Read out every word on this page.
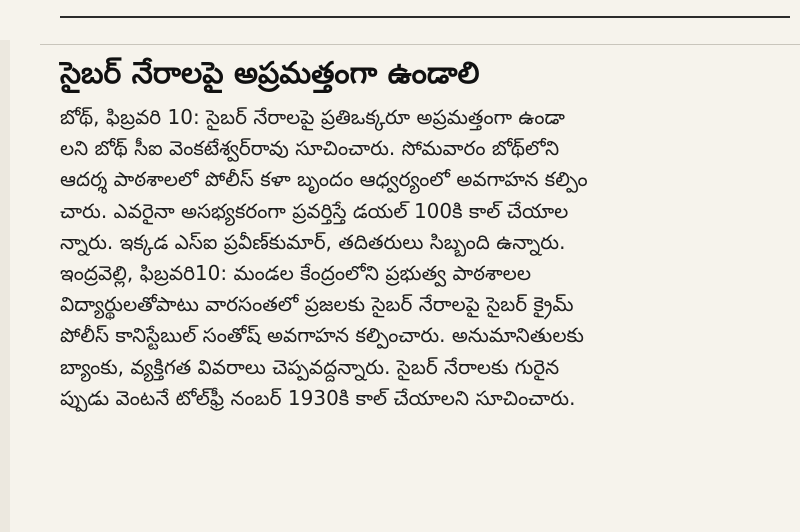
సైబర్ నేరాలపై అప్రమత్తంగా ఉండాలి
బోథ్, ఫిబ్రవరి 10: సైబర్ నేరాలపై ప్రతిఒక్కరూ అప్రమత్తంగా ఉండా
లని బోథ్ సీఐ వెంకటేశ్వర్‌రావు సూచించారు. సోమవారం బోథ్‌లోని
ఆదర్శ పాఠశాలలో పోలీస్ కళా బృందం ఆధ్వర్యంలో అవగాహన కల్పిం
చారు. ఎవరైనా అసభ్యకరంగా ప్రవర్తిస్తే డయల్ 100కి కాల్ చేయాల
న్నారు. ఇక్కడ ఎస్ఐ ప్రవీణ్‌కుమార్, తదితరులు సిబ్బంది ఉన్నారు.
ఇంద్రవెల్లి, ఫిబ్రవరి10: మండల కేంద్రంలోని ప్రభుత్వ పాఠశాలల
విద్యార్థులతోపాటు వారసంతలో ప్రజలకు సైబర్ నేరాలపై సైబర్ క్రైమ్
పోలీస్ కానిస్టేబుల్ సంతోష్ అవగాహన కల్పించారు. అనుమానితులకు
బ్యాంకు, వ్యక్తిగత వివరాలు చెప్పవద్దన్నారు. సైబర్ నేరాలకు గురైన
ప్పుడు వెంటనే టోల్‌ఫ్రీ నంబర్ 1930కి కాల్ చేయాలని సూచించారు.
